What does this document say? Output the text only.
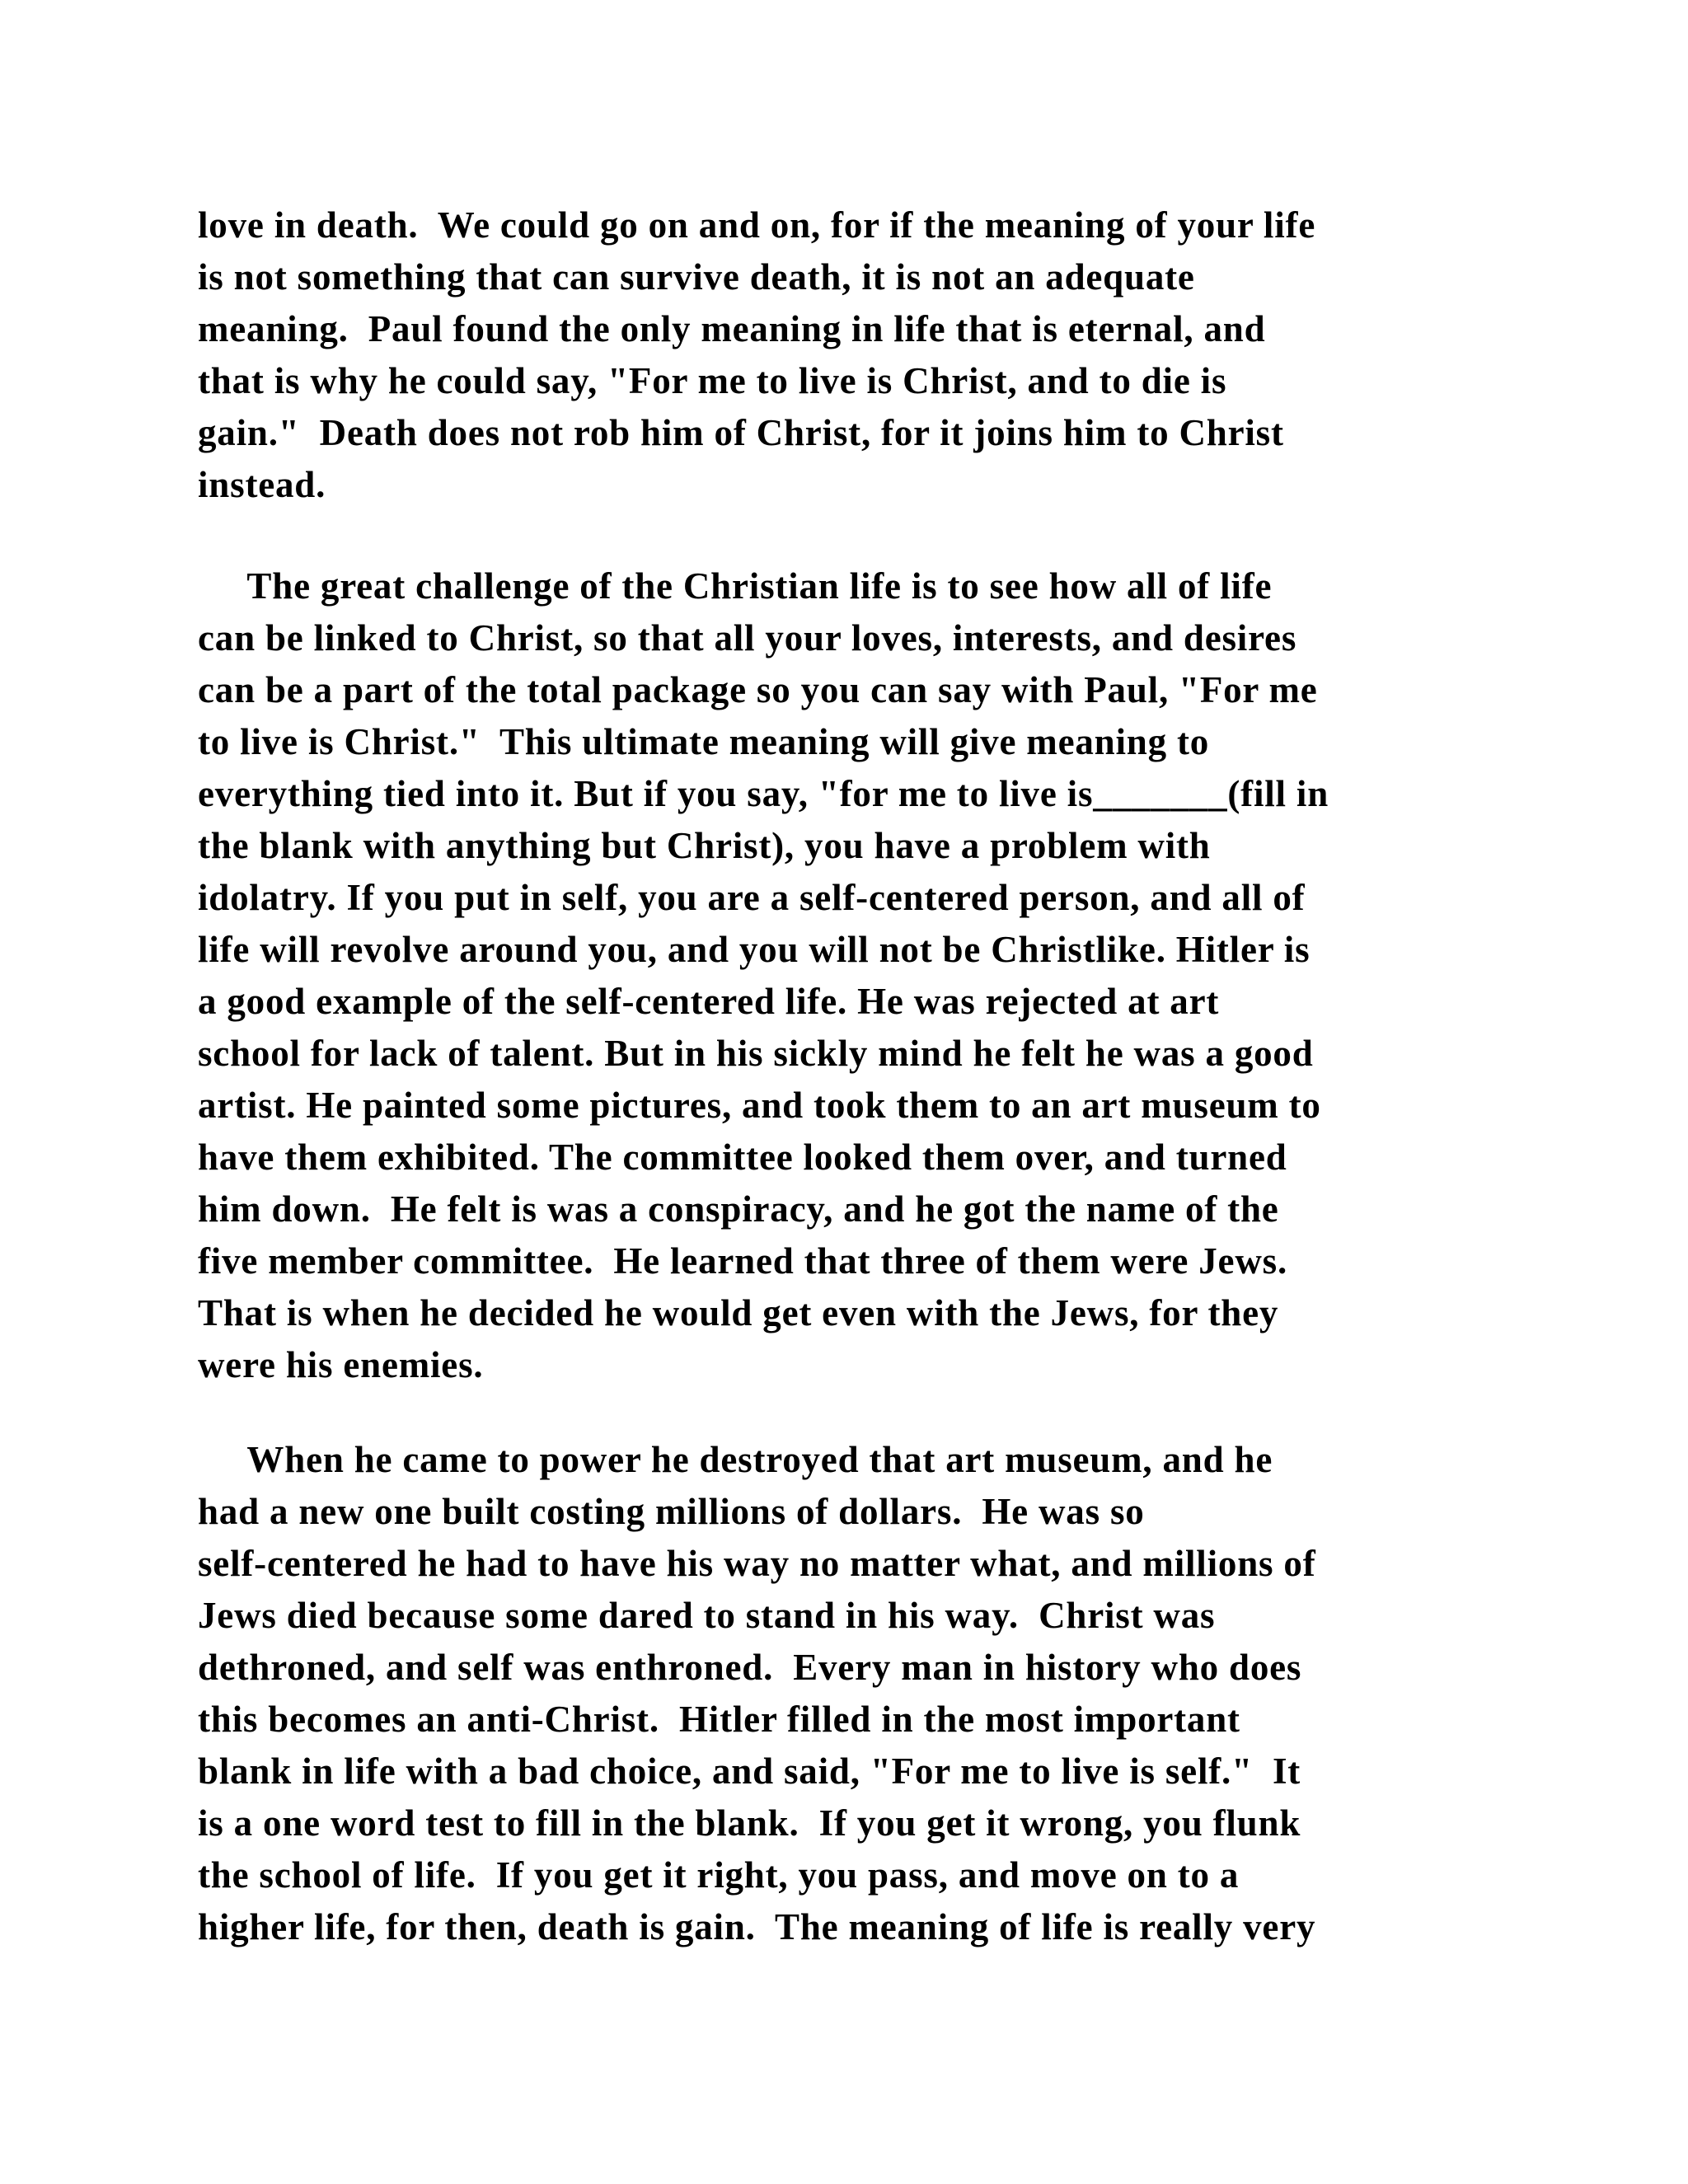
love in death.  We could go on and on, for if the meaning of your life
is not something that can survive death, it is not an adequate
meaning.  Paul found the only meaning in life that is eternal, and
that is why he could say, "For me to live is Christ, and to die is
gain."  Death does not rob him of Christ, for it joins him to Christ
instead.
The great challenge of the Christian life is to see how all of life
can be linked to Christ, so that all your loves, interests, and desires
can be a part of the total package so you can say with Paul, "For me
to live is Christ."  This ultimate meaning will give meaning to
everything tied into it. But if you say, "for me to live is_______(fill in
the blank with anything but Christ), you have a problem with
idolatry. If you put in self, you are a self-centered person, and all of
life will revolve around you, and you will not be Christlike. Hitler is
a good example of the self-centered life. He was rejected at art
school for lack of talent. But in his sickly mind he felt he was a good
artist. He painted some pictures, and took them to an art museum to
have them exhibited. The committee looked them over, and turned
him down.  He felt is was a conspiracy, and he got the name of the
five member committee.  He learned that three of them were Jews.
That is when he decided he would get even with the Jews, for they
were his enemies.
When he came to power he destroyed that art museum, and he
had a new one built costing millions of dollars.  He was so
self-centered he had to have his way no matter what, and millions of
Jews died because some dared to stand in his way.  Christ was
dethroned, and self was enthroned.  Every man in history who does
this becomes an anti-Christ.  Hitler filled in the most important
blank in life with a bad choice, and said, "For me to live is self."  It
is a one word test to fill in the blank.  If you get it wrong, you flunk
the school of life.  If you get it right, you pass, and move on to a
higher life, for then, death is gain.  The meaning of life is really very
